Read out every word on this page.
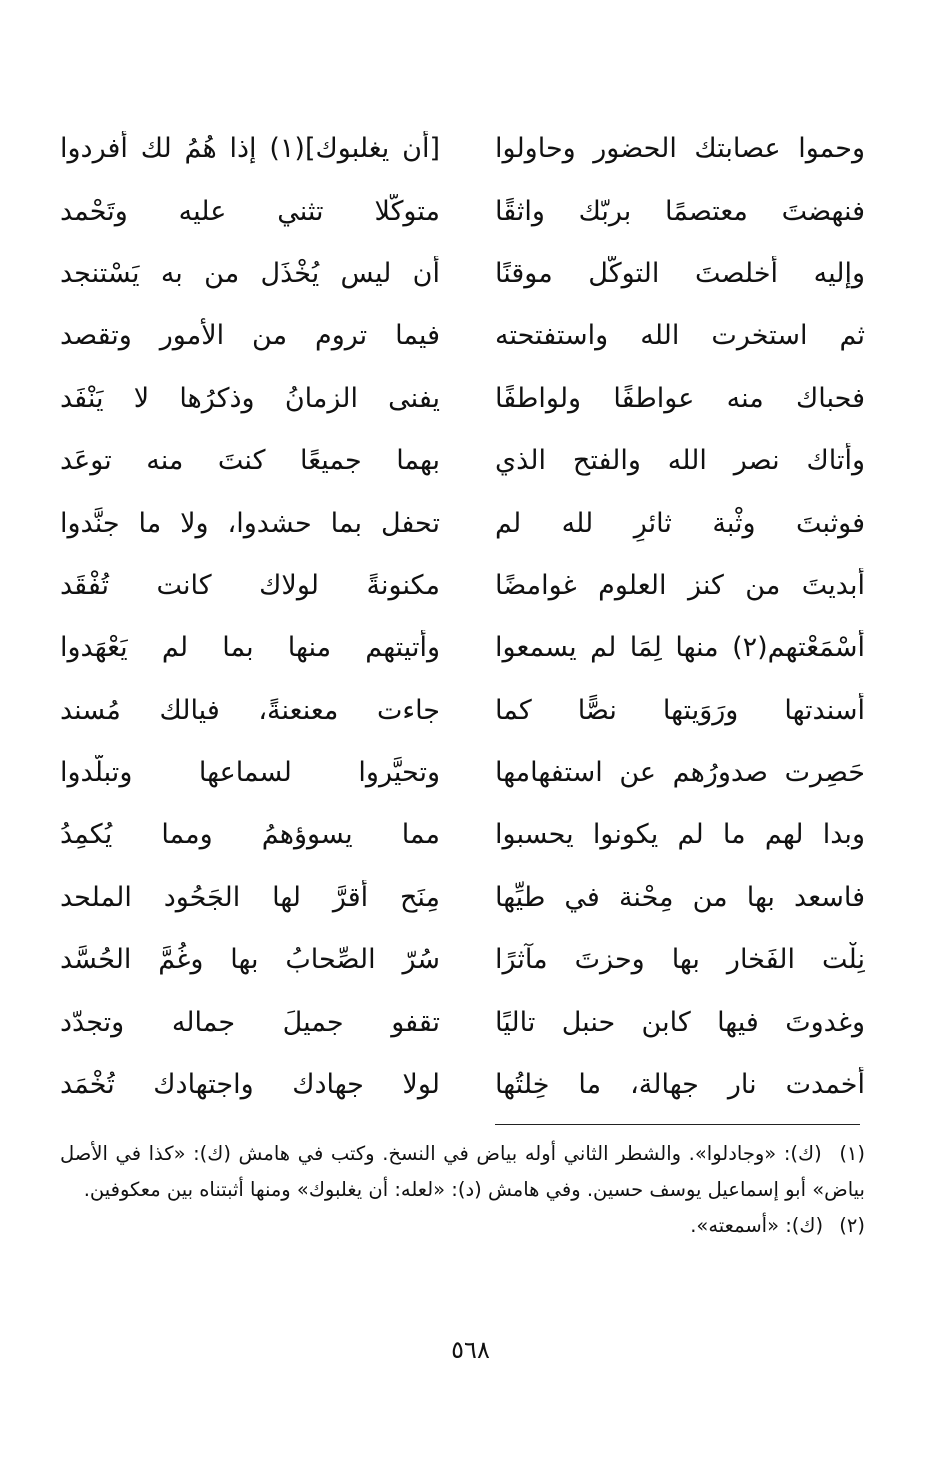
وحموا عصابتك الحضور وحاولوا
[أن يغلبوك](١) إذا هُمُ لك أفردوا
فنهضتَ معتصمًا بربّك واثقًا
متوكّلا تثني عليه وتَحْمد
وإليه أخلصتَ التوكّل موقنًا
أن ليس يُخْذَل من به يَسْتنجد
ثم استخرت الله واستفتحته
فيما تروم من الأمور وتقصد
فحباك منه عواطفًا ولواطفًا
يفنى الزمانُ وذكرُها لا يَنْفَد
وأتاك نصر الله والفتح الذي
بهما جميعًا كنتَ منه توعَد
فوثبتَ وثْبة ثائرٍ لله لم
تحفل بما حشدوا، ولا ما جنَّدوا
أبديتَ من كنز العلوم غوامضًا
مكنونةً لولاك كانت تُفْقَد
أسْمَعْتهم(٢) منها لِمَا لم يسمعوا
وأتيتهم منها بما لم يَعْهَدوا
أسندتها ورَوَيتها نصًّا كما
جاءت معنعنةً، فيالك مُسند
حَصِرت صدورُهم عن استفهامها
وتحيَّروا لسماعها وتبلَّدوا
وبدا لهم ما لم يكونوا يحسبوا
مما يسوؤهمُ ومما يُكمِدُ
فاسعد بها من مِحْنة في طيِّها
مِنَح أقرَّ لها الجَحُود الملحد
نِلْت الفَخار بها وحزتَ مآثرًا
سُرّ الصِّحابُ بها وغُمَّ الحُسَّد
وغدوتَ فيها كابن حنبل تاليًا
تقفو جميلَ جماله وتجدّد
أخمدت نار جهالة، ما خِلتُها
لولا جهادك واجتهادك تُخْمَد
(١) (ك): «وجادلوا». والشطر الثاني أوله بياض في النسخ. وكتب في هامش (ك): «كذا في الأصل بياض» أبو إسماعيل يوسف حسين. وفي هامش (د): «لعله: أن يغلبوك» ومنها أثبتناه بين معكوفين.
(٢) (ك): «أسمعته».
٥٦٨
